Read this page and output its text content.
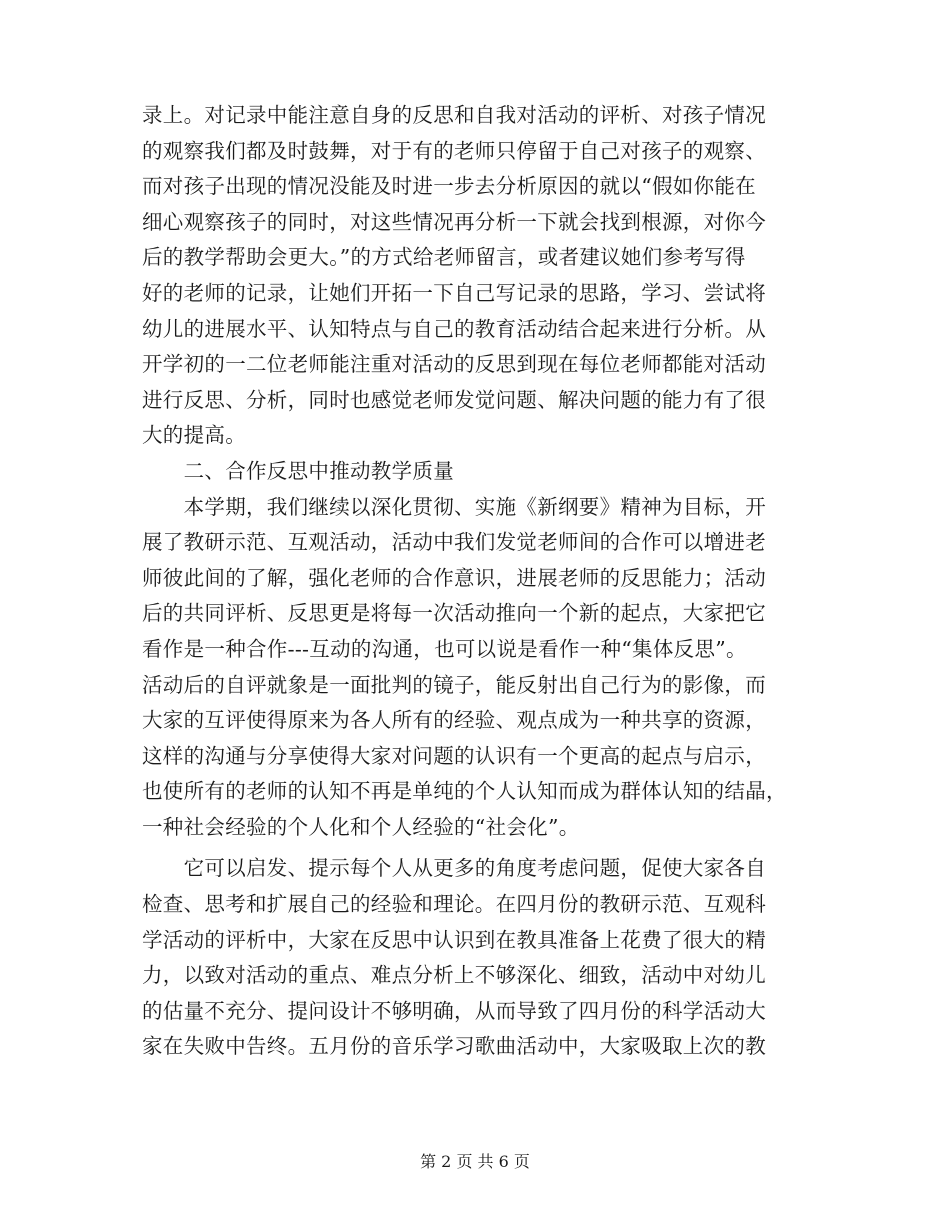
录上。对记录中能注意自身的反思和自我对活动的评析、对孩子情况
的观察我们都及时鼓舞，对于有的老师只停留于自己对孩子的观察、
而对孩子出现的情况没能及时进一步去分析原因的就以“假如你能在
细心观察孩子的同时，对这些情况再分析一下就会找到根源，对你今
后的教学帮助会更大。”的方式给老师留言，或者建议她们参考写得
好的老师的记录，让她们开拓一下自己写记录的思路，学习、尝试将
幼儿的进展水平、认知特点与自己的教育活动结合起来进行分析。从
开学初的一二位老师能注重对活动的反思到现在每位老师都能对活动
进行反思、分析，同时也感觉老师发觉问题、解决问题的能力有了很
大的提高。
　　二、合作反思中推动教学质量
　　本学期，我们继续以深化贯彻、实施《新纲要》精神为目标，开
展了教研示范、互观活动，活动中我们发觉老师间的合作可以增进老
师彼此间的了解，强化老师的合作意识，进展老师的反思能力；活动
后的共同评析、反思更是将每一次活动推向一个新的起点，大家把它
看作是一种合作---互动的沟通，也可以说是看作一种“集体反思”。
活动后的自评就象是一面批判的镜子，能反射出自己行为的影像，而
大家的互评使得原来为各人所有的经验、观点成为一种共享的资源，
这样的沟通与分享使得大家对问题的认识有一个更高的起点与启示，
也使所有的老师的认知不再是单纯的个人认知而成为群体认知的结晶，
一种社会经验的个人化和个人经验的“社会化”。
　　它可以启发、提示每个人从更多的角度考虑问题，促使大家各自
检查、思考和扩展自己的经验和理论。在四月份的教研示范、互观科
学活动的评析中，大家在反思中认识到在教具准备上花费了很大的精
力，以致对活动的重点、难点分析上不够深化、细致，活动中对幼儿
的估量不充分、提问设计不够明确，从而导致了四月份的科学活动大
家在失败中告终。五月份的音乐学习歌曲活动中，大家吸取上次的教
第 2 页 共 6 页
